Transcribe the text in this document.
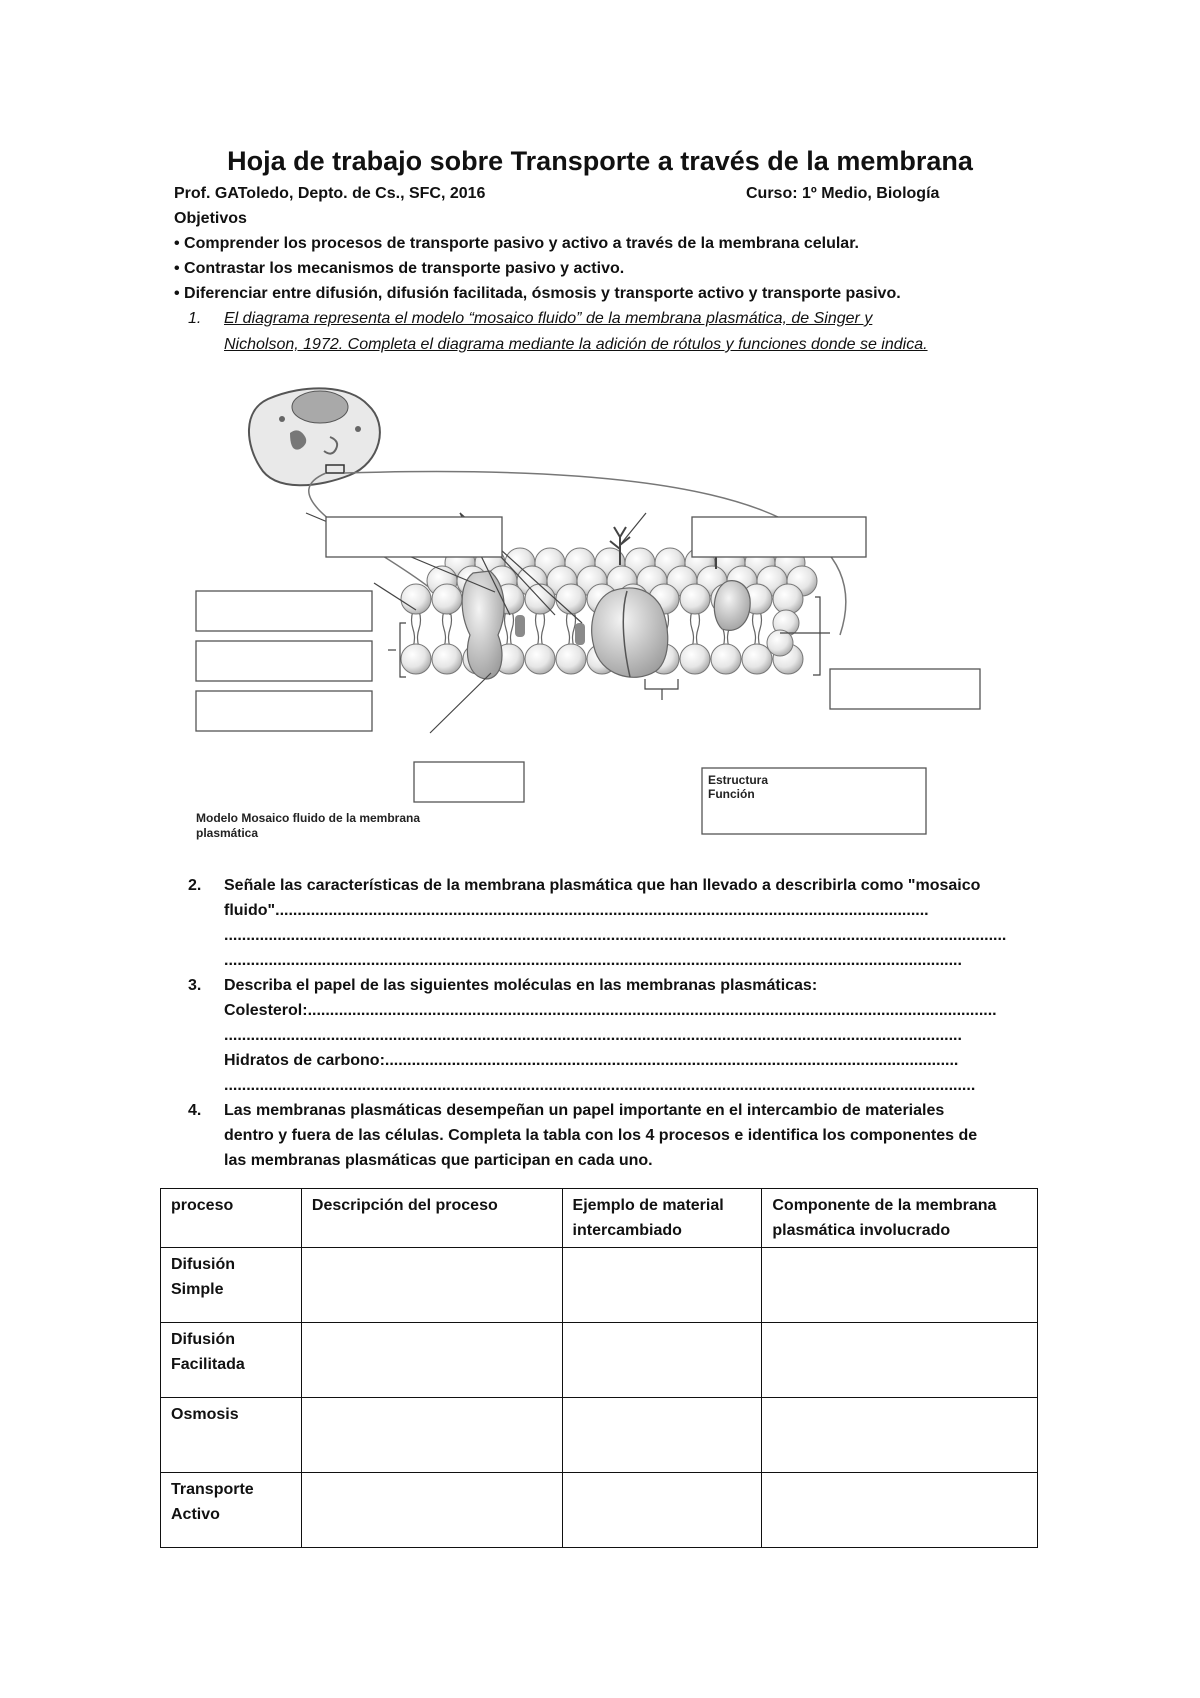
Hoja de trabajo sobre Transporte a través de la membrana
Prof. GAToledo, Depto. de Cs., SFC, 2016	Curso: 1º Medio, Biología
Objetivos
• Comprender los procesos de transporte pasivo y activo a través de la membrana celular.
• Contrastar los mecanismos de transporte pasivo y activo.
• Diferenciar entre difusión, difusión facilitada, ósmosis y transporte activo y transporte pasivo.
1. El diagrama representa el modelo “mosaico fluido” de la membrana plasmática, de Singer y
Nicholson, 1972. Completa el diagrama mediante la adición de rótulos y funciones donde se indica.
Estructura
Función
Modelo Mosaico fluido de la membrana
plasmática
2. Señale las características de la membrana plasmática que han llevado a describirla como "mosaico
fluido"...................................................................................................................................................
................................................................................................................................................................................
......................................................................................................................................................................
3. Describa el papel de las siguientes moléculas en las membranas plasmáticas:
Colesterol:...........................................................................................................................................................
......................................................................................................................................................................
Hidratos de carbono:.................................................................................................................................
.........................................................................................................................................................................
4. Las membranas plasmáticas desempeñan un papel importante en el intercambio de materiales
dentro y fuera de las células. Completa la tabla con los 4 procesos e identifica los componentes de
las membranas plasmáticas que participan en cada uno.
proceso	Descripción del proceso	Ejemplo de material intercambiado	Componente de la membrana plasmática involucrado
Difusión Simple			
Difusión Facilitada			
Osmosis			
Transporte Activo			
